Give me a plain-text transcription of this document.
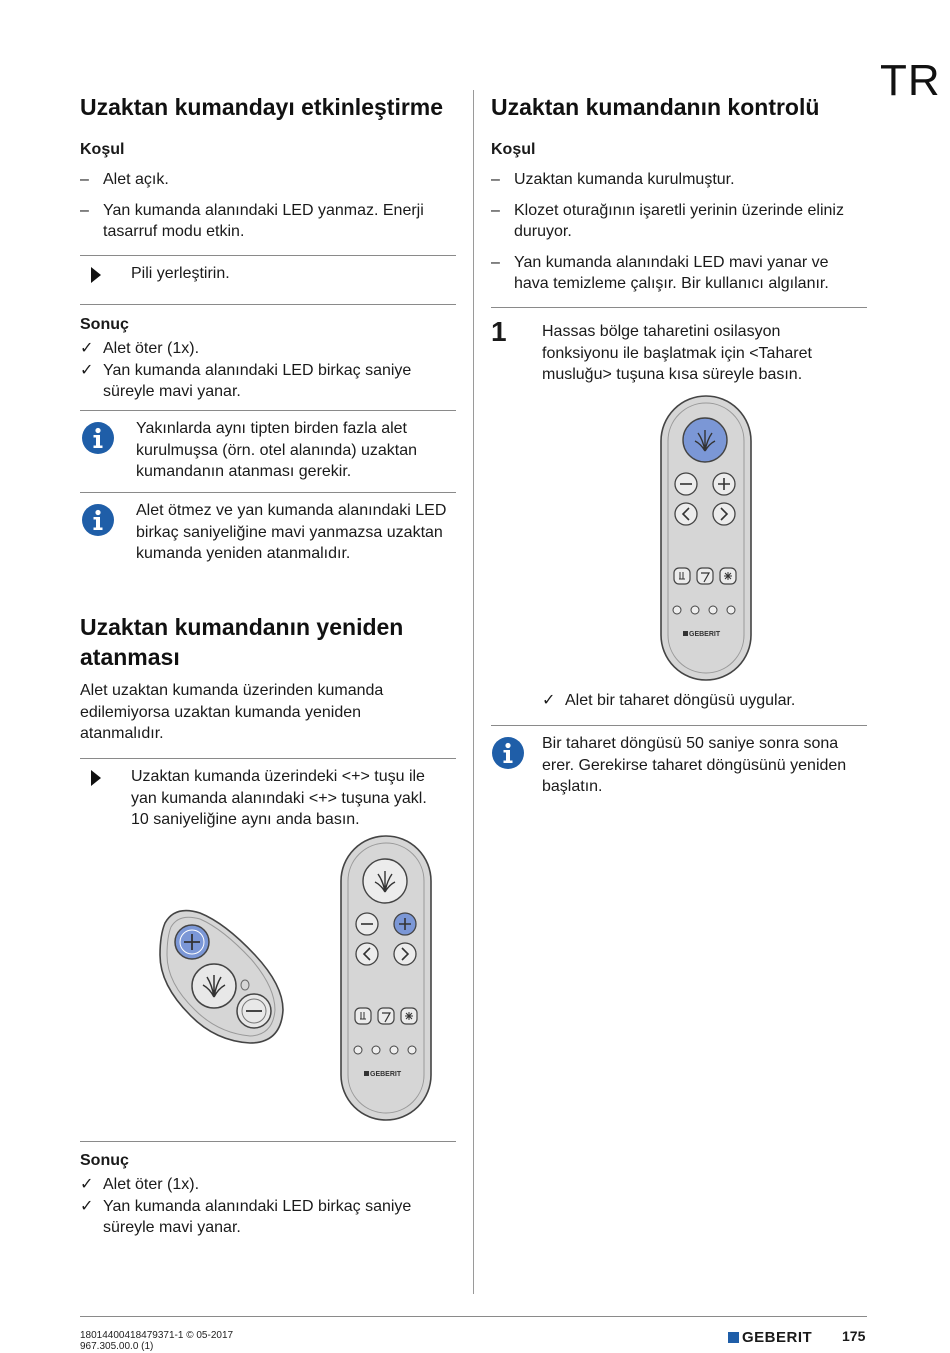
TR
Uzaktan kumandayı etkinleştirme
Koşul
– Alet açık.
– Yan kumanda alanındaki LED yanmaz. Enerji tasarruf modu etkin.
Pili yerleştirin.
Sonuç
✓ Alet öter (1x).
✓ Yan kumanda alanındaki LED birkaç saniye süreyle mavi yanar.
Yakınlarda aynı tipten birden fazla alet kurulmuşsa (örn. otel alanında) uzaktan kumandanın atanması gerekir.
Alet ötmez ve yan kumanda alanındaki LED birkaç saniyeliğine mavi yanmazsa uzaktan kumanda yeniden atanmalıdır.
Uzaktan kumandanın yeniden atanması

Alet uzaktan kumanda üzerinden kumanda edilemiyorsa uzaktan kumanda yeniden atanmalıdır.

Uzaktan kumanda üzerindeki <+> tuşu ile yan kumanda alanındaki <+> tuşuna yakl. 10 saniyeliğine aynı anda basın.
GEBERIT
Sonuç
✓ Alet öter (1x).
✓ Yan kumanda alanındaki LED birkaç saniye süreyle mavi yanar.
Uzaktan kumandanın kontrolü
Koşul
– Uzaktan kumanda kurulmuştur.
– Klozet oturağının işaretli yerinin üzerinde eliniz duruyor.
– Yan kumanda alanındaki LED mavi yanar ve hava temizleme çalışır. Bir kullanıcı algılanır.
1 Hassas bölge taharetini osilasyon fonksiyonu ile başlatmak için <Taharet musluğu> tuşuna kısa süreyle basın.
GEBERIT
✓ Alet bir taharet döngüsü uygular.
Bir taharet döngüsü 50 saniye sonra sona erer. Gerekirse taharet döngüsünü yeniden başlatın.
18014400418479371-1 © 05-2017
967.305.00.0 (1)
GEBERIT 175
